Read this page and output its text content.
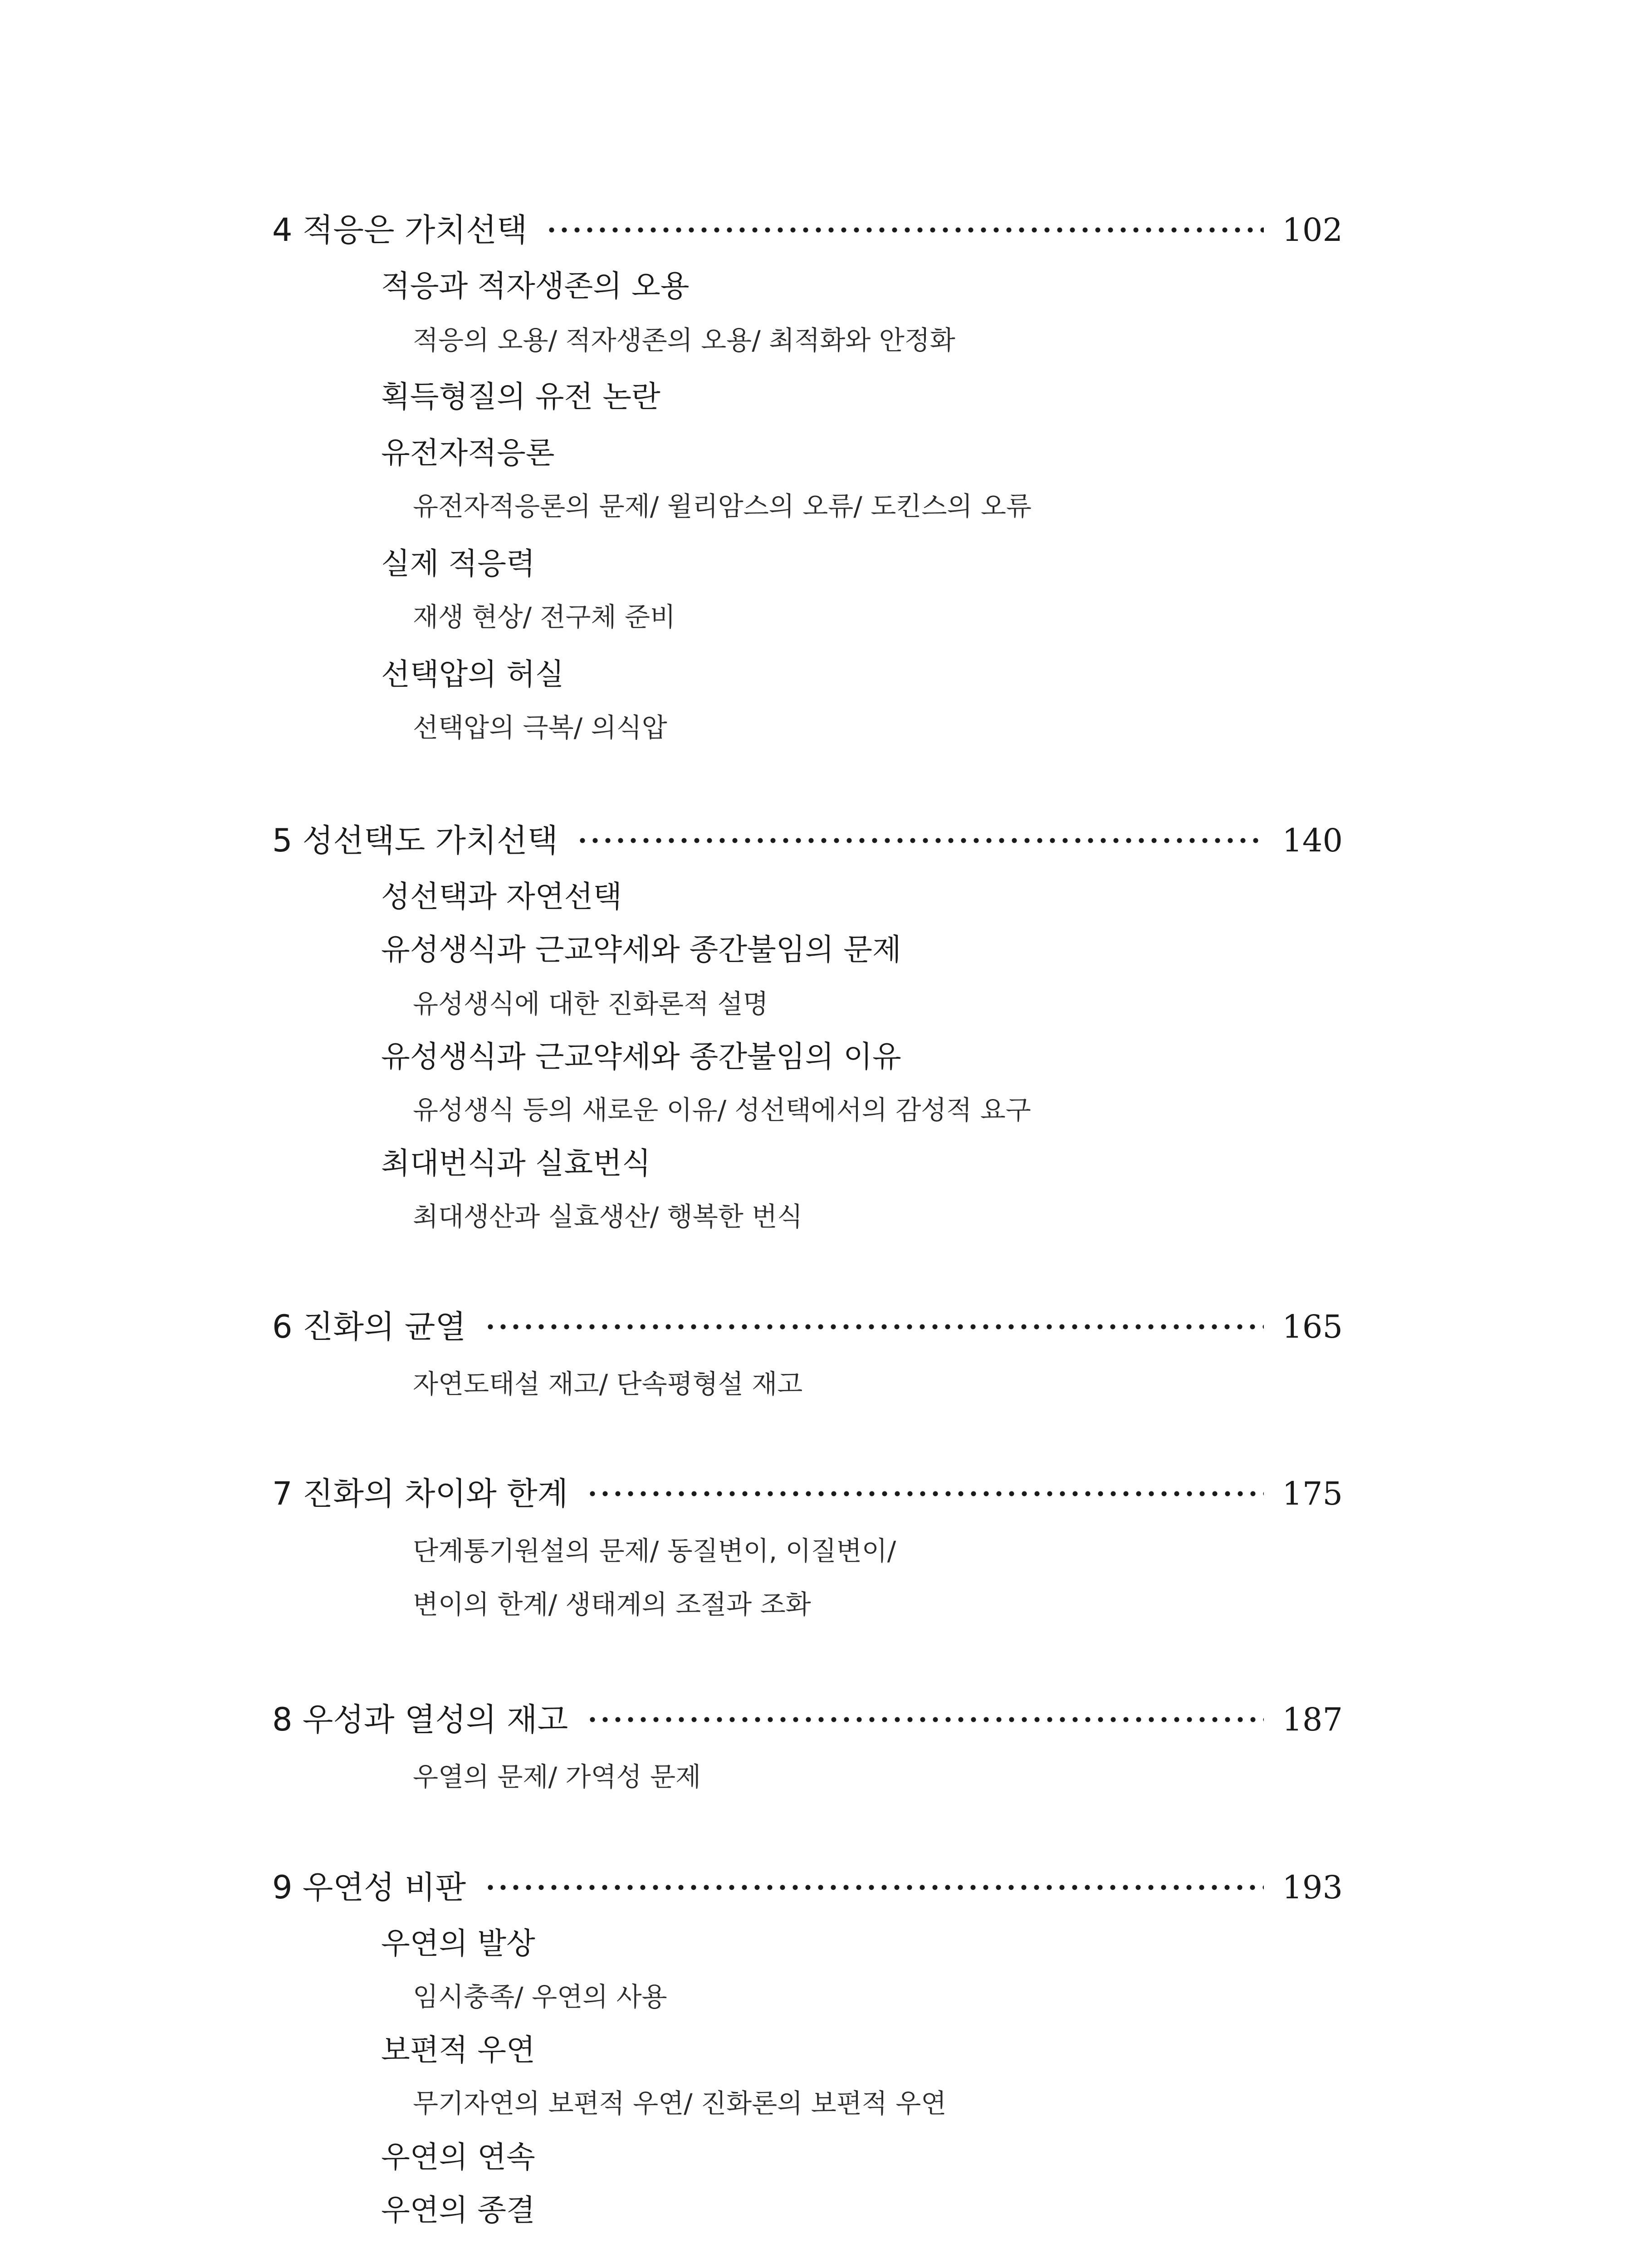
4 적응은 가치선택	102
적응과 적자생존의 오용
적응의 오용/ 적자생존의 오용/ 최적화와 안정화
획득형질의 유전 논란
유전자적응론
유전자적응론의 문제/ 윌리암스의 오류/ 도킨스의 오류
실제 적응력
재생 현상/ 전구체 준비
선택압의 허실
선택압의 극복/ 의식압
5 성선택도 가치선택	140
성선택과 자연선택
유성생식과 근교약세와 종간불임의 문제
유성생식에 대한 진화론적 설명
유성생식과 근교약세와 종간불임의 이유
유성생식 등의 새로운 이유/ 성선택에서의 감성적 요구
최대번식과 실효번식
최대생산과 실효생산/ 행복한 번식
6 진화의 균열	165
자연도태설 재고/ 단속평형설 재고
7 진화의 차이와 한계	175
단계통기원설의 문제/ 동질변이, 이질변이/
변이의 한계/ 생태계의 조절과 조화
8 우성과 열성의 재고	187
우열의 문제/ 가역성 문제
9 우연성 비판	193
우연의 발상
임시충족/ 우연의 사용
보편적 우연
무기자연의 보편적 우연/ 진화론의 보편적 우연
우연의 연속
우연의 종결
